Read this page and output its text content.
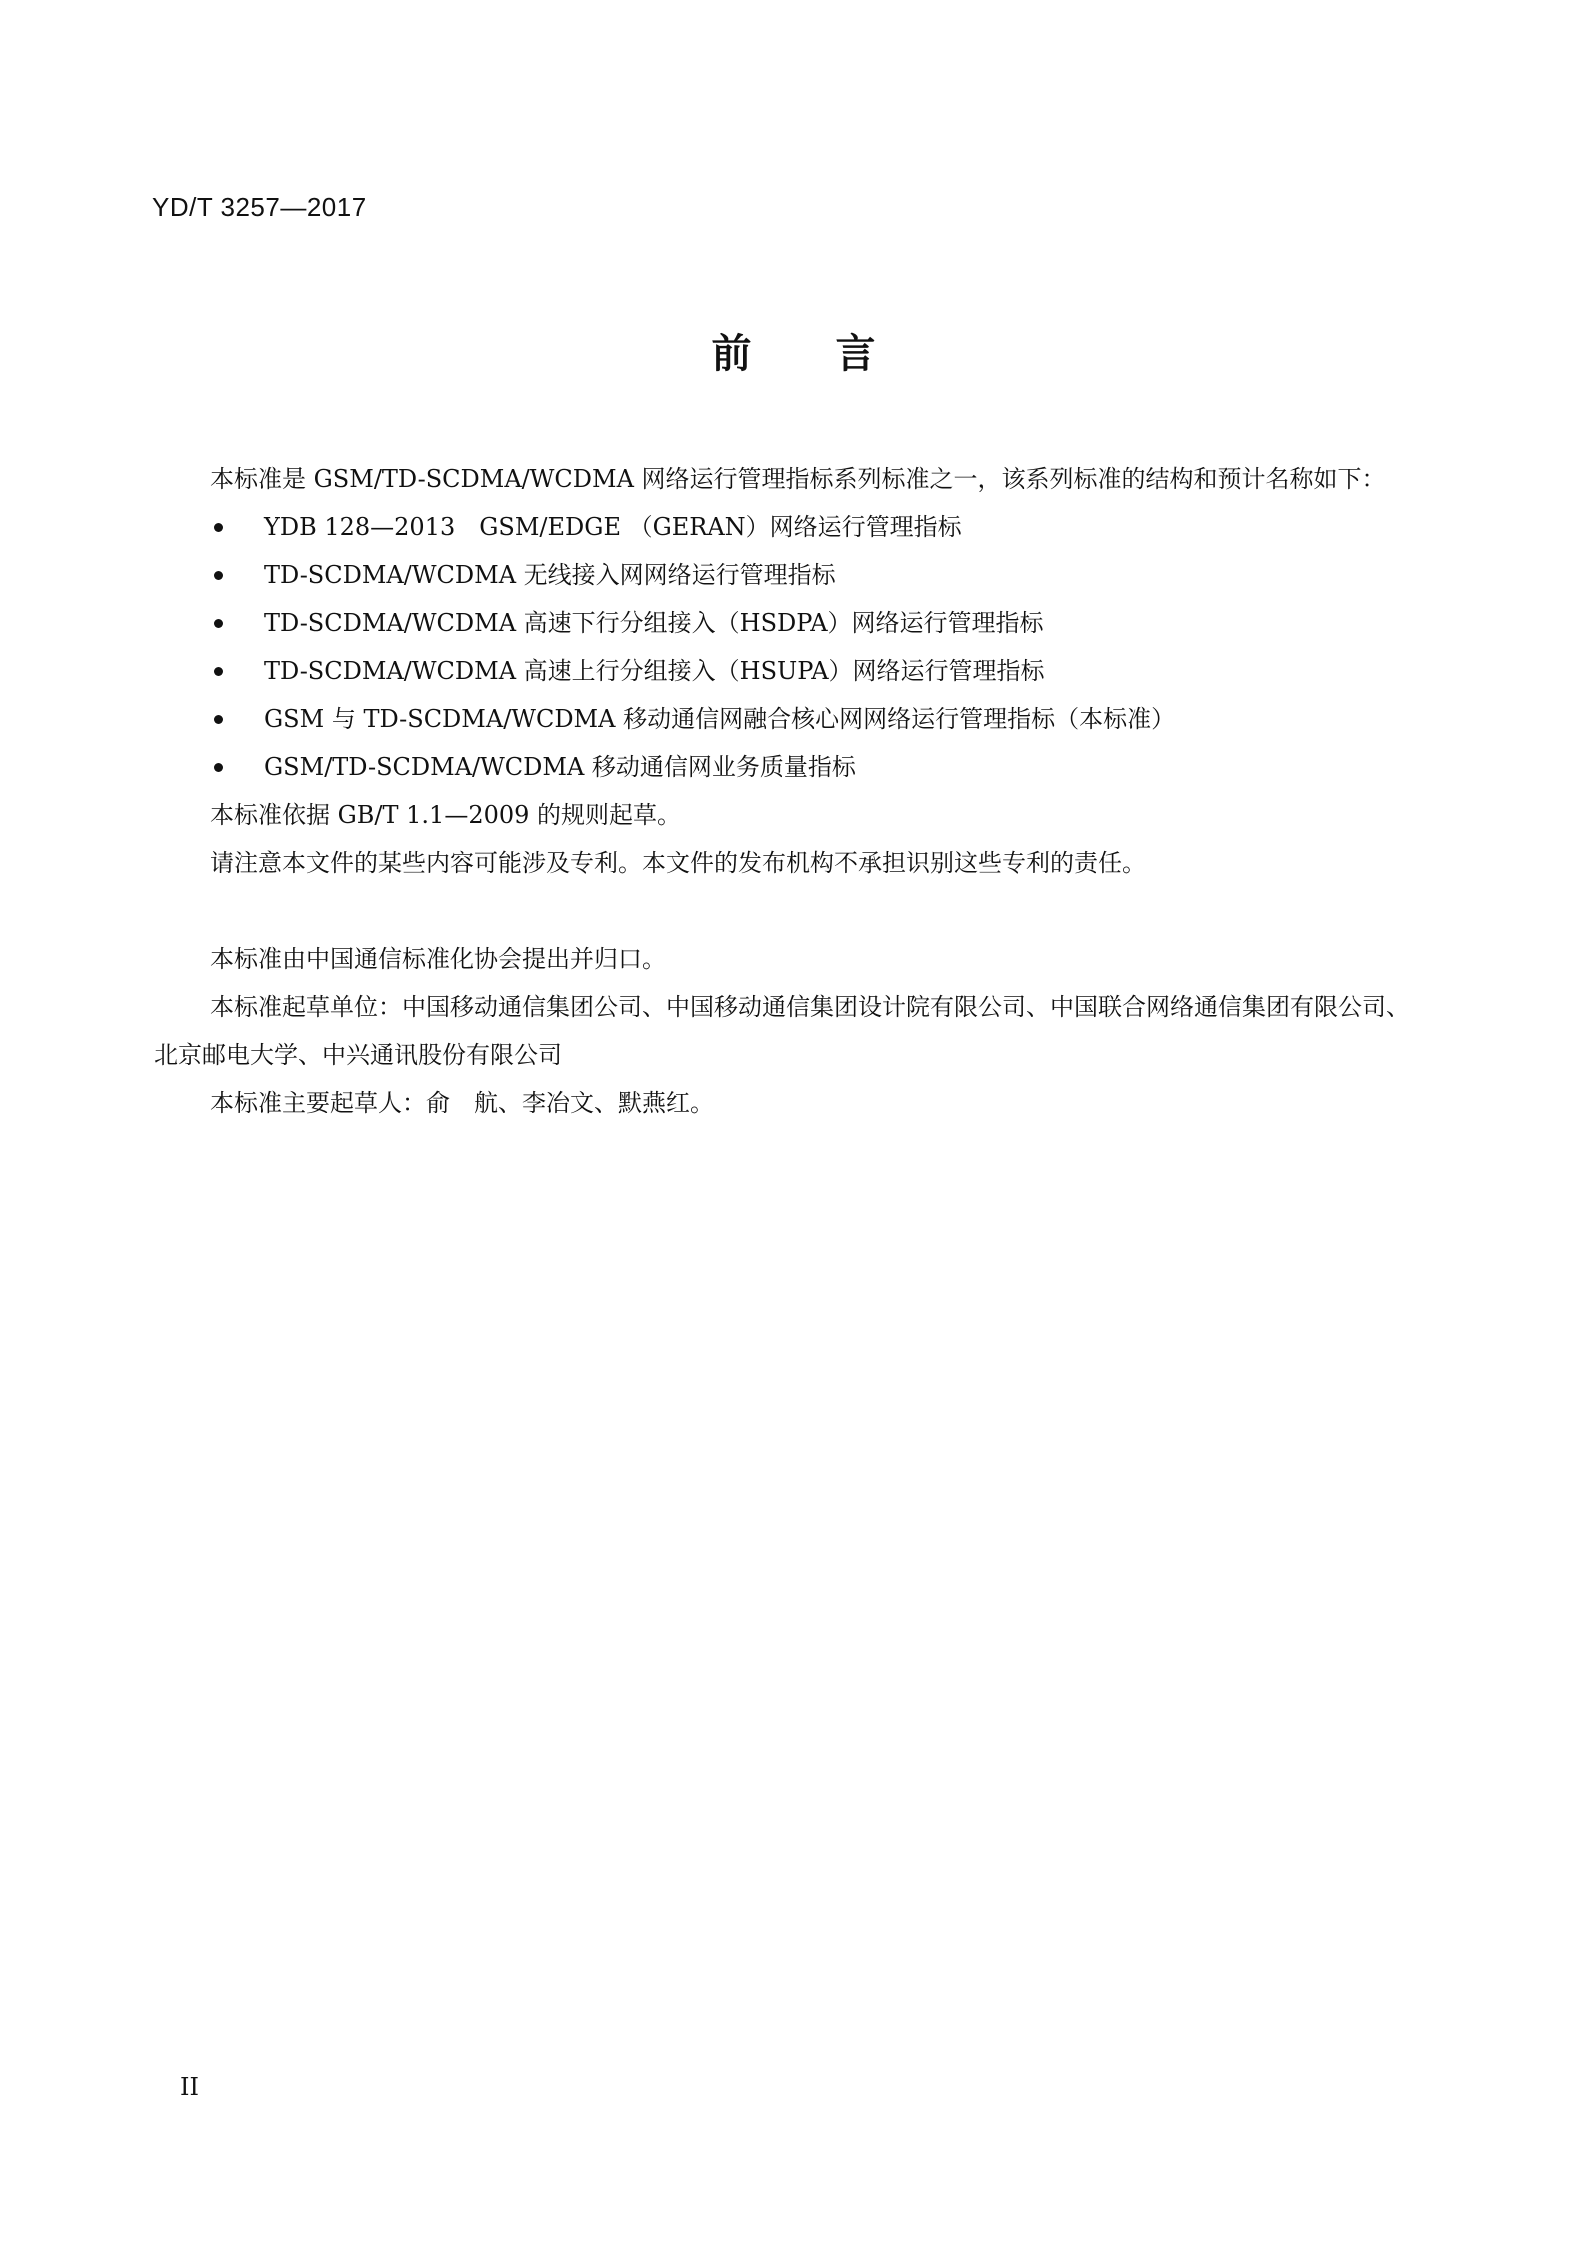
YD/T 3257—2017
前言

本标准是 GSM/TD-SCDMA/WCDMA 网络运行管理指标系列标准之一，该系列标准的结构和预计名称如下：

YDB 128—2013　GSM/EDGE （GERAN）网络运行管理指标
TD-SCDMA/WCDMA 无线接入网网络运行管理指标
TD-SCDMA/WCDMA 高速下行分组接入（HSDPA）网络运行管理指标
TD-SCDMA/WCDMA 高速上行分组接入（HSUPA）网络运行管理指标
GSM 与 TD-SCDMA/WCDMA 移动通信网融合核心网网络运行管理指标（本标准）
GSM/TD-SCDMA/WCDMA 移动通信网业务质量指标

本标准依据 GB/T 1.1—2009 的规则起草。

请注意本文件的某些内容可能涉及专利。本文件的发布机构不承担识别这些专利的责任。

本标准由中国通信标准化协会提出并归口。

本标准起草单位：中国移动通信集团公司、中国移动通信集团设计院有限公司、中国联合网络通信集团有限公司、北京邮电大学、中兴通讯股份有限公司

本标准主要起草人：俞　航、李冶文、默燕红。

II
